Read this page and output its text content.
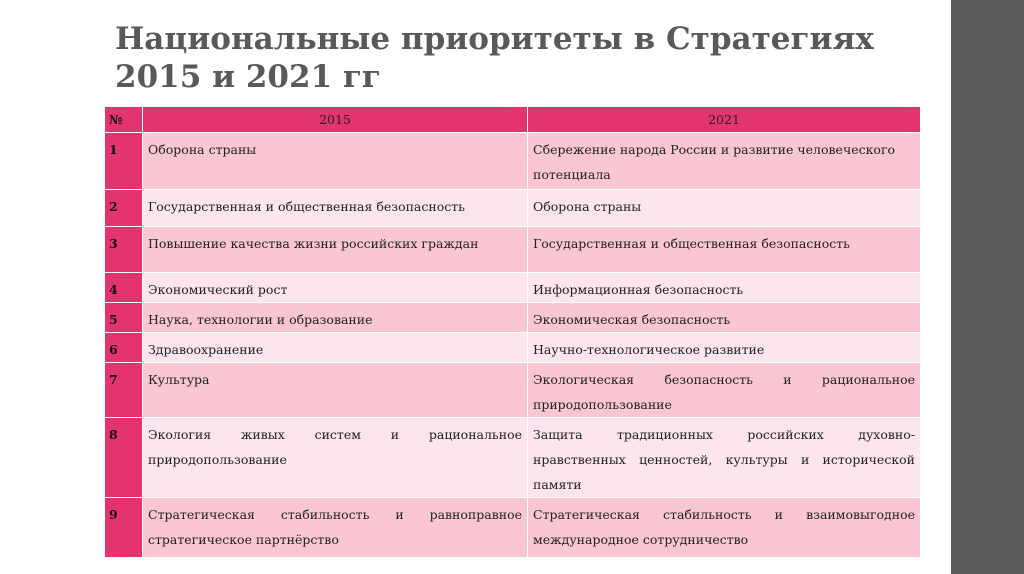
Национальные приоритеты в Стратегиях 2015 и 2021 гг
№	2015	2021
1	Оборона страны	Сбережение народа России и развитие человеческого потенциала
2	Государственная и общественная безопасность	Оборона страны
3	Повышение качества жизни российских граждан	Государственная и общественная безопасность
4	Экономический рост	Информационная безопасность
5	Наука, технологии и образование	Экономическая безопасность
6	Здравоохранение	Научно-технологическое развитие
7	Культура	Экологическая безопасность и рациональное природопользование
8	Экология живых систем и рациональное природопользование	Защита традиционных российских духовно-нравственных ценностей, культуры и исторической памяти
9	Стратегическая стабильность и равноправное стратегическое партнёрство	Стратегическая стабильность и взаимовыгодное международное сотрудничество
